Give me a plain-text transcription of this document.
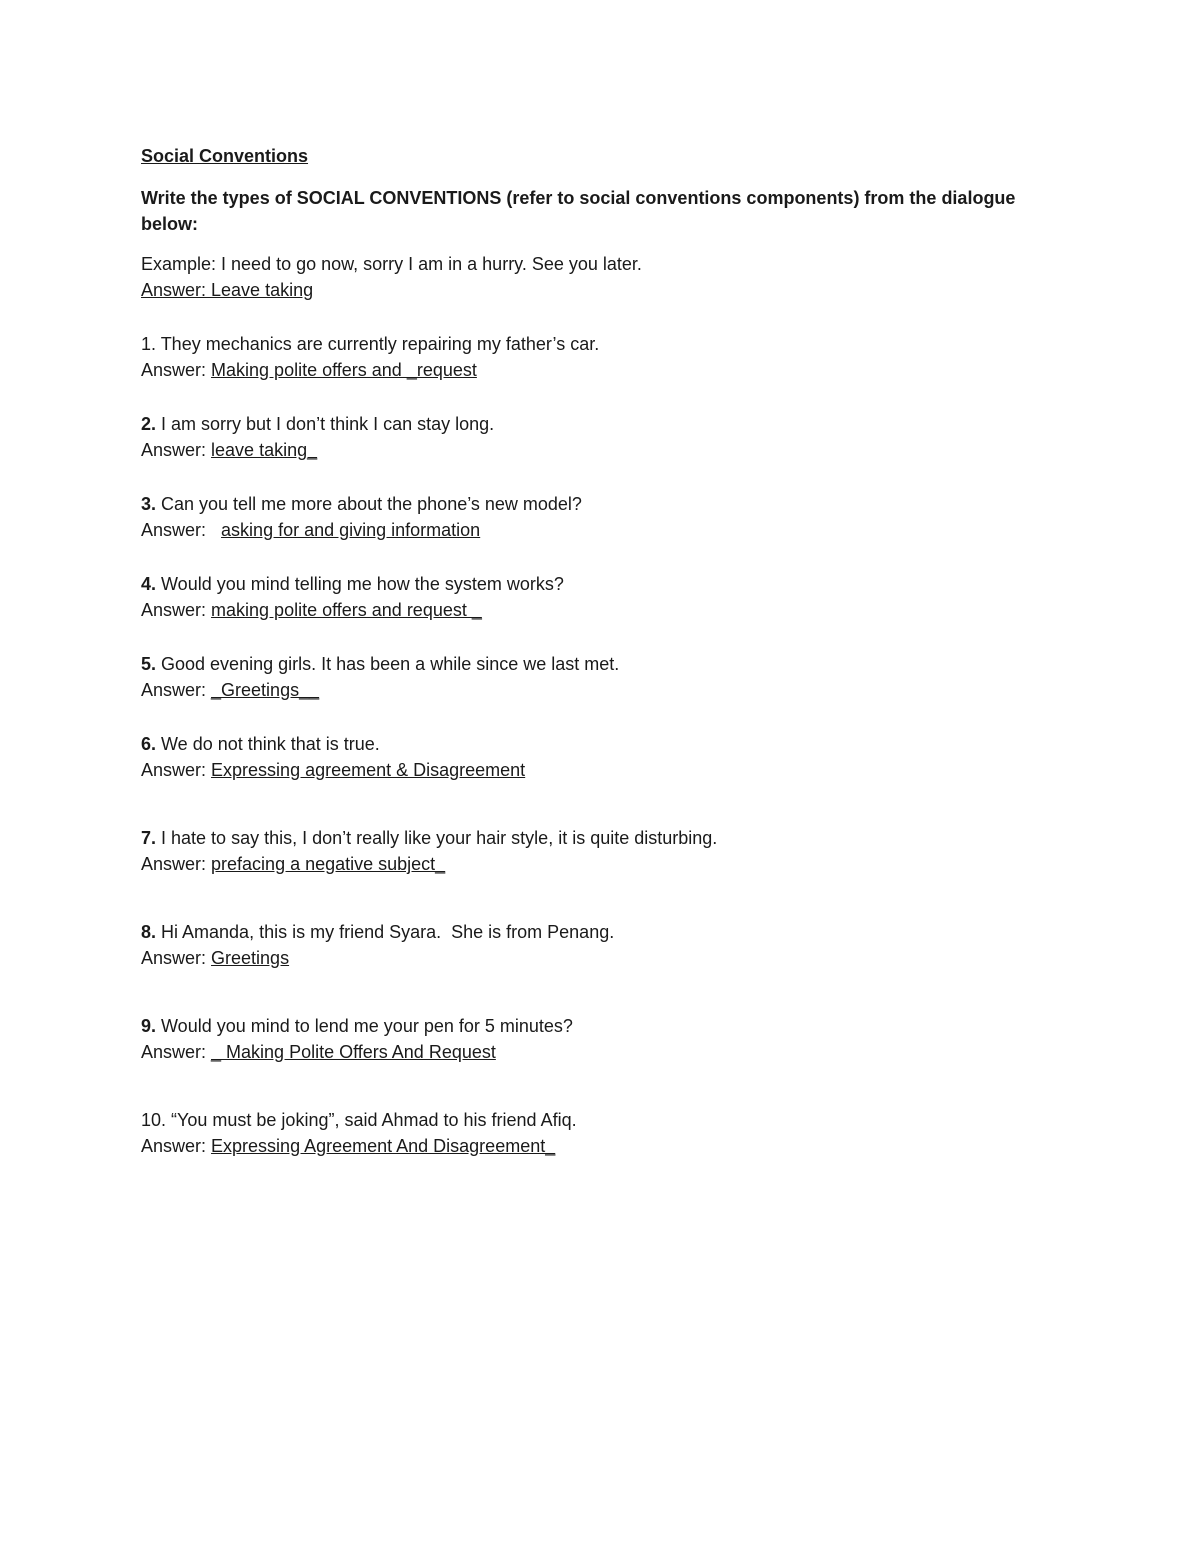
Social Conventions
Write the types of SOCIAL CONVENTIONS (refer to social conventions components) from the dialogue below:
Example: I need to go now, sorry I am in a hurry. See you later.
Answer: Leave taking
1. They mechanics are currently repairing my father’s car.
Answer: Making polite offers and _request
2. I am sorry but I don’t think I can stay long.
Answer: leave taking_
3. Can you tell me more about the phone’s new model?
Answer:   asking for and giving information
4. Would you mind telling me how the system works?
Answer: making polite offers and request _
5. Good evening girls. It has been a while since we last met.
Answer: _Greetings__
6. We do not think that is true.
Answer: Expressing agreement & Disagreement
7. I hate to say this, I don’t really like your hair style, it is quite disturbing.
Answer: prefacing a negative subject_
8. Hi Amanda, this is my friend Syara.  She is from Penang.
Answer: Greetings
9. Would you mind to lend me your pen for 5 minutes?
Answer: _ Making Polite Offers And Request
10. “You must be joking”, said Ahmad to his friend Afiq.
Answer: Expressing Agreement And Disagreement_
